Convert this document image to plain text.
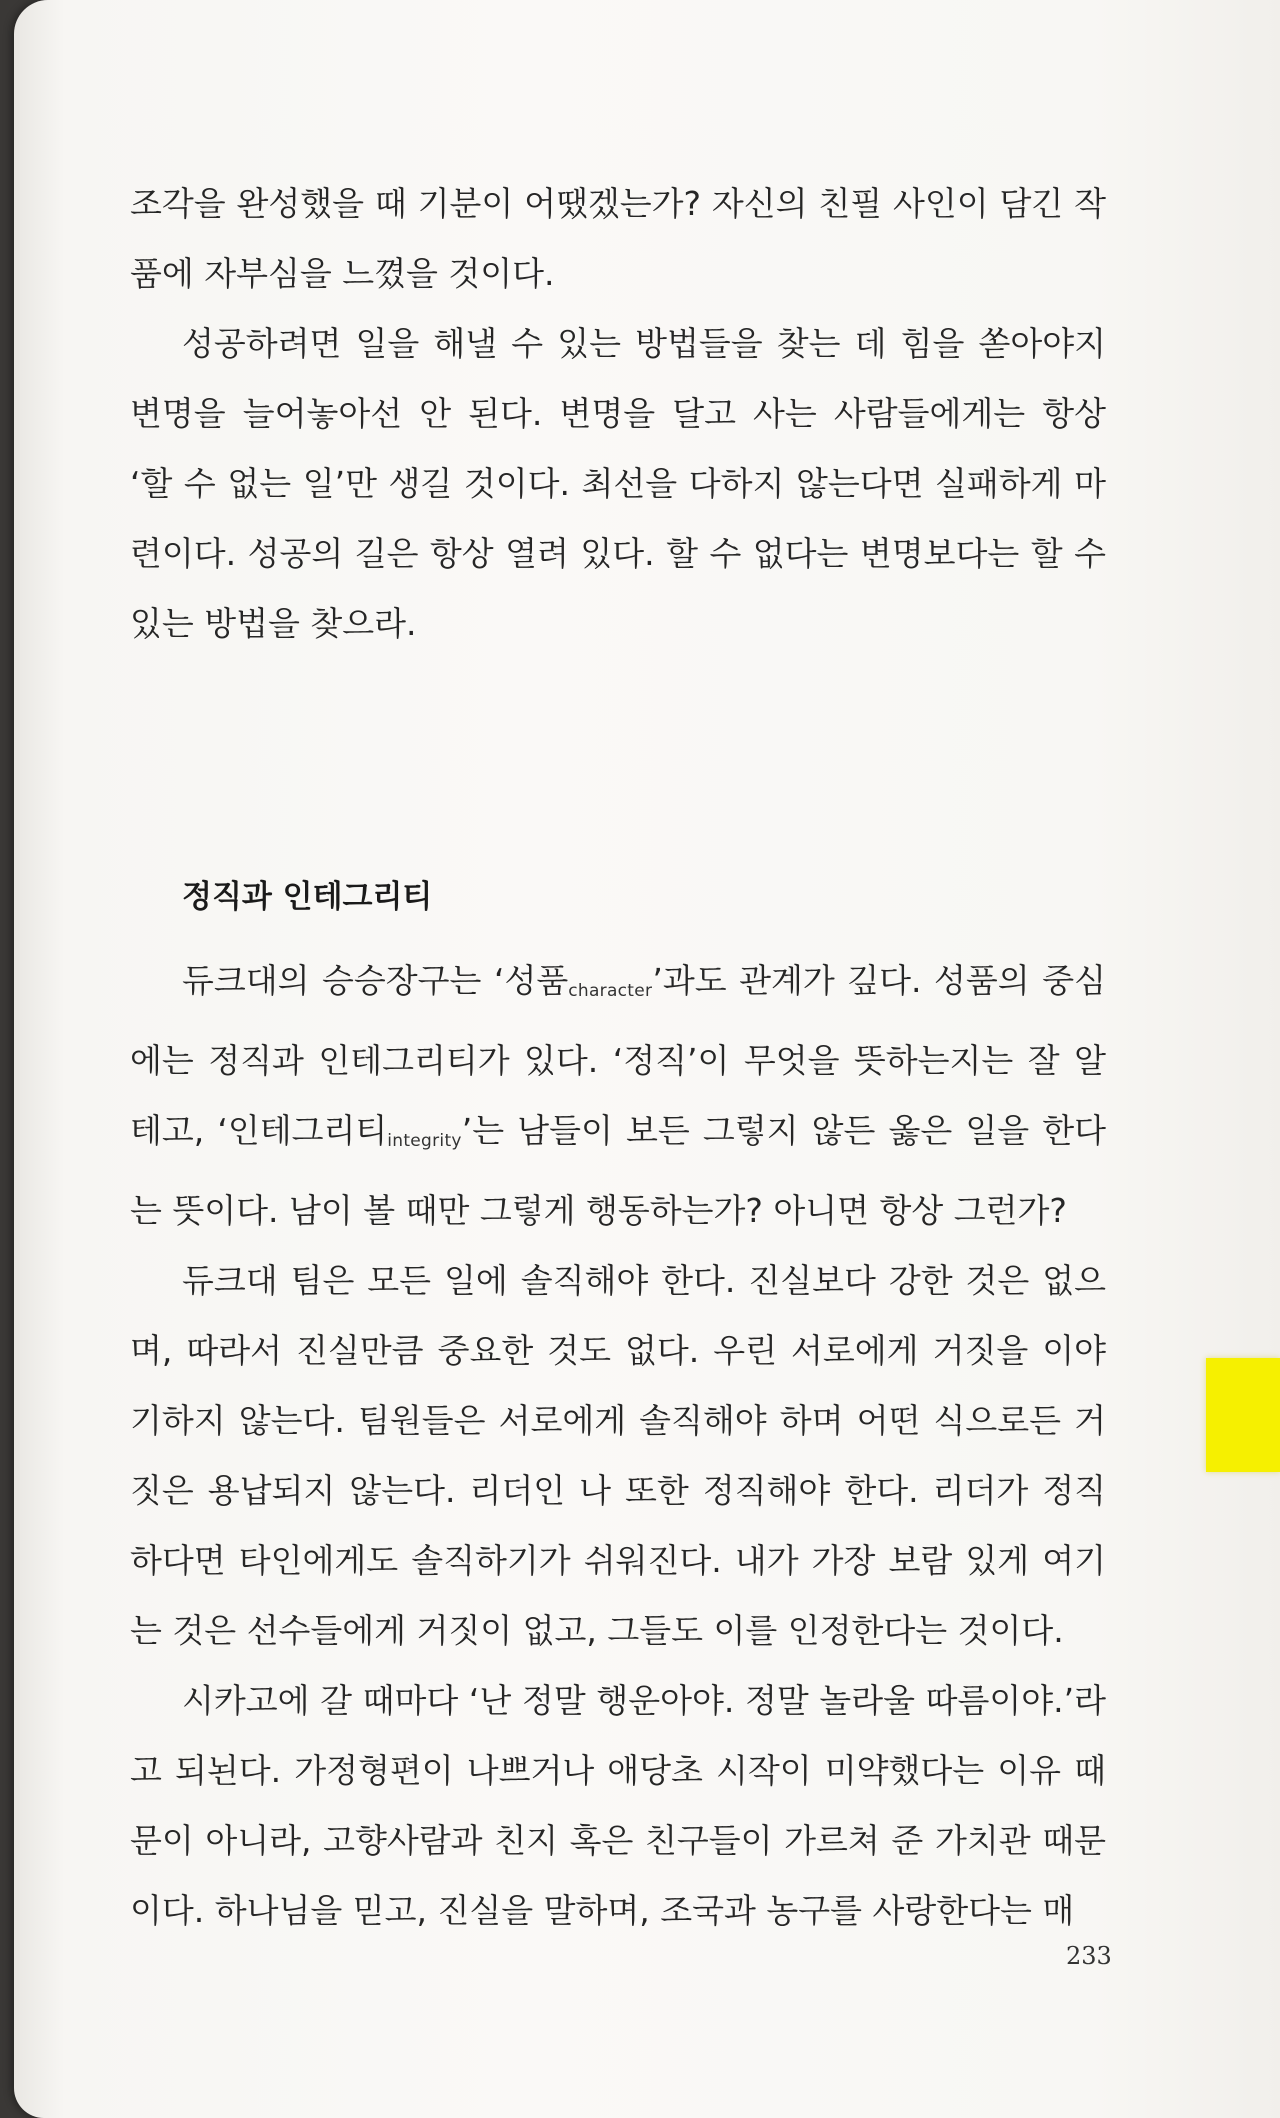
조각을 완성했을 때 기분이 어땠겠는가? 자신의 친필 사인이 담긴 작품에 자부심을 느꼈을 것이다.

성공하려면 일을 해낼 수 있는 방법들을 찾는 데 힘을 쏟아야지 변명을 늘어놓아선 안 된다. 변명을 달고 사는 사람들에게는 항상 ‘할 수 없는 일’만 생길 것이다. 최선을 다하지 않는다면 실패하게 마련이다. 성공의 길은 항상 열려 있다. 할 수 없다는 변명보다는 할 수 있는 방법을 찾으라.

정직과 인테그리티

듀크대의 승승장구는 ‘성품$_{character}$’과도 관계가 깊다. 성품의 중심에는 정직과 인테그리티가 있다. ‘정직’이 무엇을 뜻하는지는 잘 알테고, ‘인테그리티$_{integrity}$’는 남들이 보든 그렇지 않든 옳은 일을 한다는 뜻이다. 남이 볼 때만 그렇게 행동하는가? 아니면 항상 그런가?

듀크대 팀은 모든 일에 솔직해야 한다. 진실보다 강한 것은 없으며, 따라서 진실만큼 중요한 것도 없다. 우린 서로에게 거짓을 이야기하지 않는다. 팀원들은 서로에게 솔직해야 하며 어떤 식으로든 거짓은 용납되지 않는다. 리더인 나 또한 정직해야 한다. 리더가 정직하다면 타인에게도 솔직하기가 쉬워진다. 내가 가장 보람 있게 여기는 것은 선수들에게 거짓이 없고, 그들도 이를 인정한다는 것이다.

시카고에 갈 때마다 ‘난 정말 행운아야. 정말 놀라울 따름이야.’라고 되뇐다. 가정형편이 나쁘거나 애당초 시작이 미약했다는 이유 때문이 아니라, 고향사람과 친지 혹은 친구들이 가르쳐 준 가치관 때문이다. 하나님을 믿고, 진실을 말하며, 조국과 농구를 사랑한다는 매

233
